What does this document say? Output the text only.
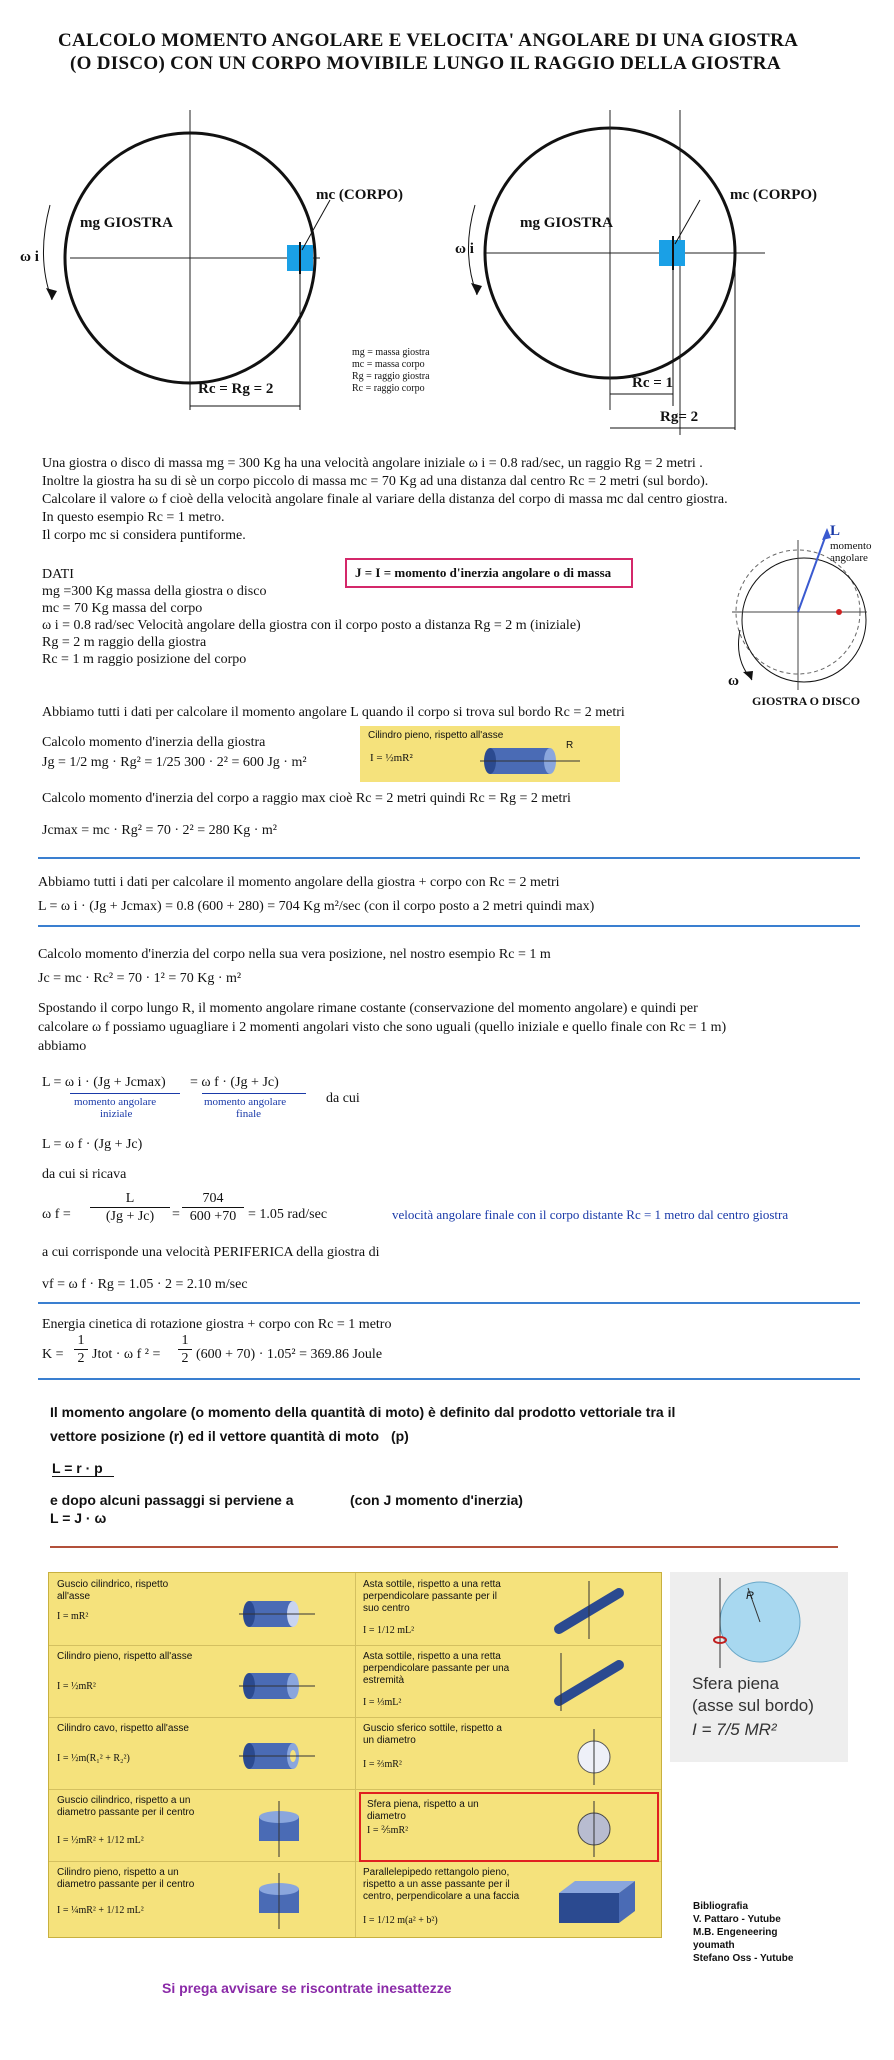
CALCOLO MOMENTO ANGOLARE E VELOCITA' ANGOLARE DI UNA GIOSTRA
(O DISCO) CON UN CORPO MOVIBILE LUNGO IL RAGGIO DELLA GIOSTRA
mg GIOSTRA
mc (CORPO)
ω i
Rc = Rg = 2
mg = massa giostra
mc = massa corpo
Rg = raggio giostra
Rc = raggio corpo
mg GIOSTRA
mc (CORPO)
ω i
Rc = 1
Rg= 2
Una giostra o disco di massa mg = 300 Kg ha una velocità angolare iniziale ω i = 0.8 rad/sec, un raggio Rg = 2 metri .
Inoltre la giostra ha su di sè un corpo piccolo di massa mc = 70 Kg ad una distanza dal centro Rc = 2 metri (sul bordo).
Calcolare il valore ω f cioè della velocità angolare finale al variare della distanza del corpo di massa mc dal centro giostra.
In questo esempio Rc = 1 metro.
Il corpo mc si considera puntiforme.
J = I = momento d'inerzia angolare o di massa
DATI
mg =300 Kg massa della giostra o disco
mc = 70 Kg massa del corpo
ω i = 0.8 rad/sec Velocità angolare della giostra con il corpo posto a distanza Rg = 2 m (iniziale)
Rg = 2 m raggio della giostra
Rc = 1 m raggio posizione del corpo
L
momento
angolare
ω
GIOSTRA O DISCO
Abbiamo tutti i dati per calcolare il momento angolare L quando il corpo si trova sul bordo Rc = 2 metri
Calcolo momento d'inerzia della giostra
Jg = 1/2 mg · Rg² = 1/25 300 · 2² = 600 Jg · m²
Cilindro pieno, rispetto all'asse
I = ½mR²
R
Calcolo momento d'inerzia del corpo a raggio max cioè Rc = 2 metri quindi Rc = Rg = 2 metri
Jcmax = mc · Rg² = 70 · 2² = 280 Kg · m²
Abbiamo tutti i dati per calcolare il momento angolare della giostra + corpo con Rc = 2 metri
L = ω i · (Jg + Jcmax) = 0.8 (600 + 280) = 704 Kg m²/sec (con il corpo posto a 2 metri quindi max)
Calcolo momento d'inerzia del corpo nella sua vera posizione, nel nostro esempio Rc = 1 m
Jc = mc · Rc² = 70 · 1² = 70 Kg · m²
Spostando il corpo lungo R, il momento angolare rimane costante (conservazione del momento angolare) e quindi per
calcolare ω f possiamo uguagliare i 2 momenti angolari visto che sono uguali (quello iniziale e quello finale con Rc = 1 m)
abbiamo
L = ω i · (Jg + Jcmax) = ω f · (Jg + Jc)
da cui
momento angolare
iniziale
momento angolare
finale
L = ω f · (Jg + Jc)
da cui si ricava
ω $f = \frac{L}{(Jg + Jc)}$ =
704
600 +70 = 1.05 rad/sec	velocità angolare finale con il corpo distante Rc = 1 metro dal centro giostra
a cui corrisponde una velocità PERIFERICA della giostra di
vf = ω f · Rg = 1.05 · 2 = 2.10 m/sec
Energia cinetica di rotazione giostra + corpo con Rc = 1 metro
$K = \frac{1}{2}$ Jtot · ω f $^2 = \frac{1}{2} (600 + 70) \cdot 1.05^2 = 369.86$ Joule
Il momento angolare (o momento della quantità di moto) è definito dal prodotto vettoriale tra il
vettore posizione (r) ed il vettore quantità di moto (p)
L = r · p
e dopo alcuni passaggi si perviene a	(con J momento d'inerzia)
L = J · ω
Guscio cilindrico, rispetto all'asse
I = mR²
Asta sottile, rispetto a una retta perpendicolare passante per il suo centro
I = 1/12 mL²
Cilindro pieno, rispetto all'asse
I = ½mR²
Asta sottile, rispetto a una retta perpendicolare passante per una estremità
I = ⅓mL²
Cilindro cavo, rispetto all'asse
I = ½m(R₁² + R₂²)
Guscio sferico sottile, rispetto a un diametro
I = ⅔mR²
Guscio cilindrico, rispetto a un diametro passante per il centro
I = ½mR² + 1/12 mL²
Sfera piena, rispetto a un diametro
I = ⅖mR²
Cilindro pieno, rispetto a un diametro passante per il centro
I = ¼mR² + 1/12 mL²
Parallelepipedo rettangolo pieno, rispetto a un asse passante per il centro, perpendicolare a una faccia
I = 1/12 m(a² + b²)
R
Sfera piena
(asse sul bordo)
I = 7/5 MR²
Bibliografia
V. Pattaro - Yutube
M.B. Engeneering
youmath
Stefano Oss - Yutube
Si prega avvisare se riscontrate inesattezze
